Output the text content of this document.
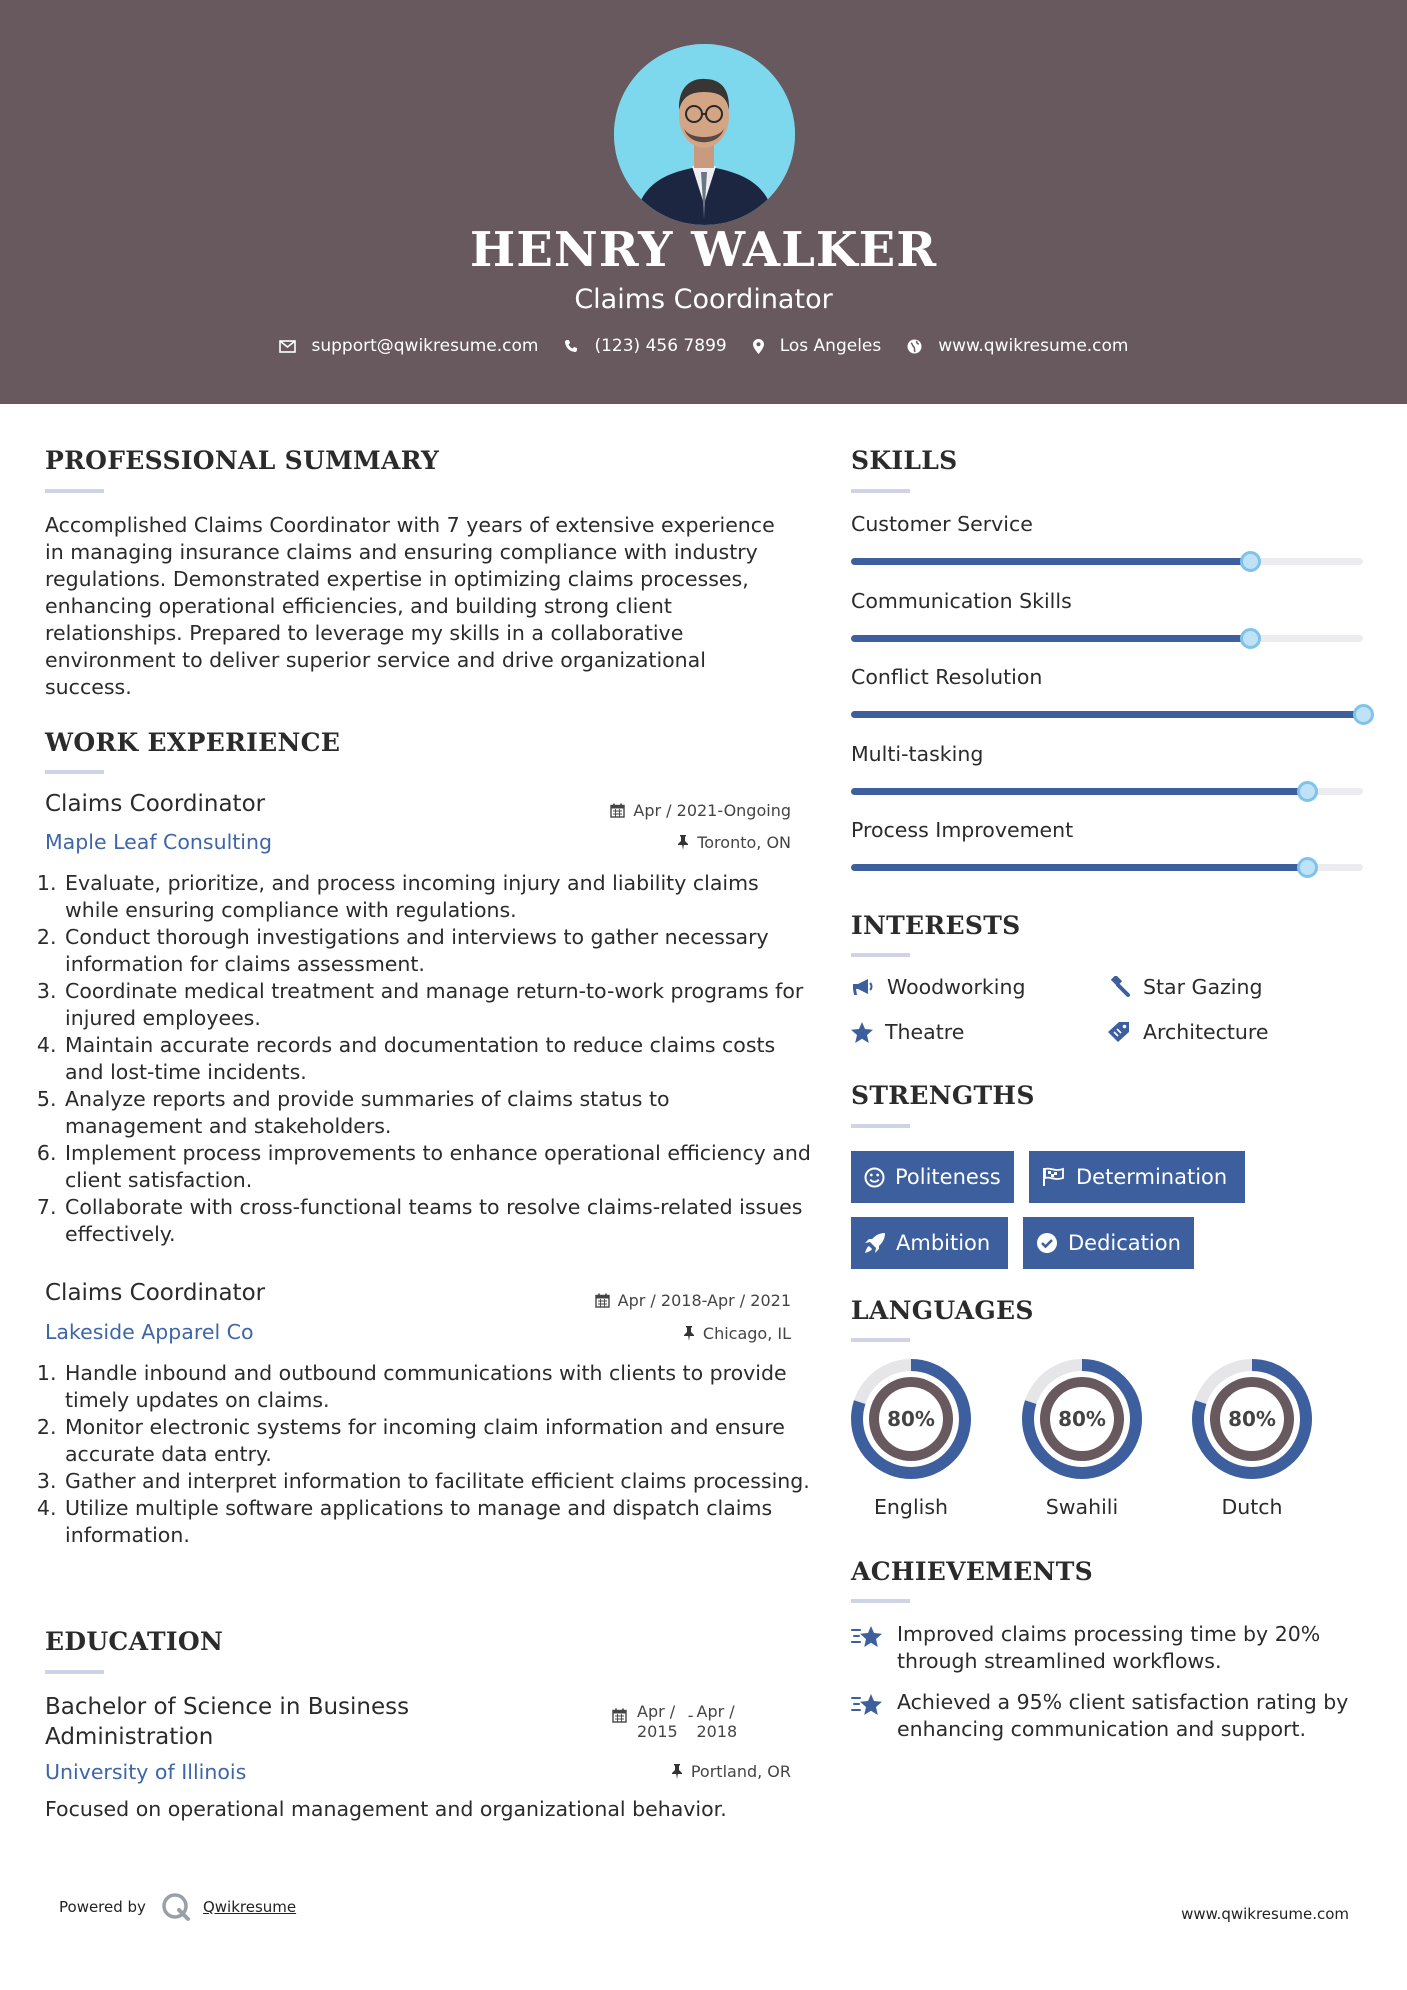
HENRY WALKER
Claims Coordinator
support@qwikresume.com	(123) 456 7899	Los Angeles	www.qwikresume.com
PROFESSIONAL SUMMARY
Accomplished Claims Coordinator with 7 years of extensive experience in managing insurance claims and ensuring compliance with industry regulations. Demonstrated expertise in optimizing claims processes, enhancing operational efficiencies, and building strong client relationships. Prepared to leverage my skills in a collaborative environment to deliver superior service and drive organizational success.
WORK EXPERIENCE
Claims Coordinator	Apr / 2021-Ongoing
Maple Leaf Consulting	Toronto, ON
1. Evaluate, prioritize, and process incoming injury and liability claims while ensuring compliance with regulations.
2. Conduct thorough investigations and interviews to gather necessary information for claims assessment.
3. Coordinate medical treatment and manage return-to-work programs for injured employees.
4. Maintain accurate records and documentation to reduce claims costs and lost-time incidents.
5. Analyze reports and provide summaries of claims status to management and stakeholders.
6. Implement process improvements to enhance operational efficiency and client satisfaction.
7. Collaborate with cross-functional teams to resolve claims-related issues effectively.
Claims Coordinator	Apr / 2018-Apr / 2021
Lakeside Apparel Co	Chicago, IL
1. Handle inbound and outbound communications with clients to provide timely updates on claims.
2. Monitor electronic systems for incoming claim information and ensure accurate data entry.
3. Gather and interpret information to facilitate efficient claims processing.
4. Utilize multiple software applications to manage and dispatch claims information.
EDUCATION
Bachelor of Science in Business
Administration
Apr /
2015
- Apr /
2018
University of Illinois	Portland, OR
Focused on operational management and organizational behavior.
SKILLS
Customer Service
Communication Skills
Conflict Resolution
Multi-tasking
Process Improvement
INTERESTS
Woodworking	Star Gazing
Theatre	Architecture
STRENGTHS
Politeness	Determination
Ambition	Dedication
LANGUAGES
80%
English
80%
Swahili
80%
Dutch
ACHIEVEMENTS
Improved claims processing time by 20%
through streamlined workflows.
Achieved a 95% client satisfaction rating by
enhancing communication and support.
Powered by	Qwikresume	www.qwikresume.com
